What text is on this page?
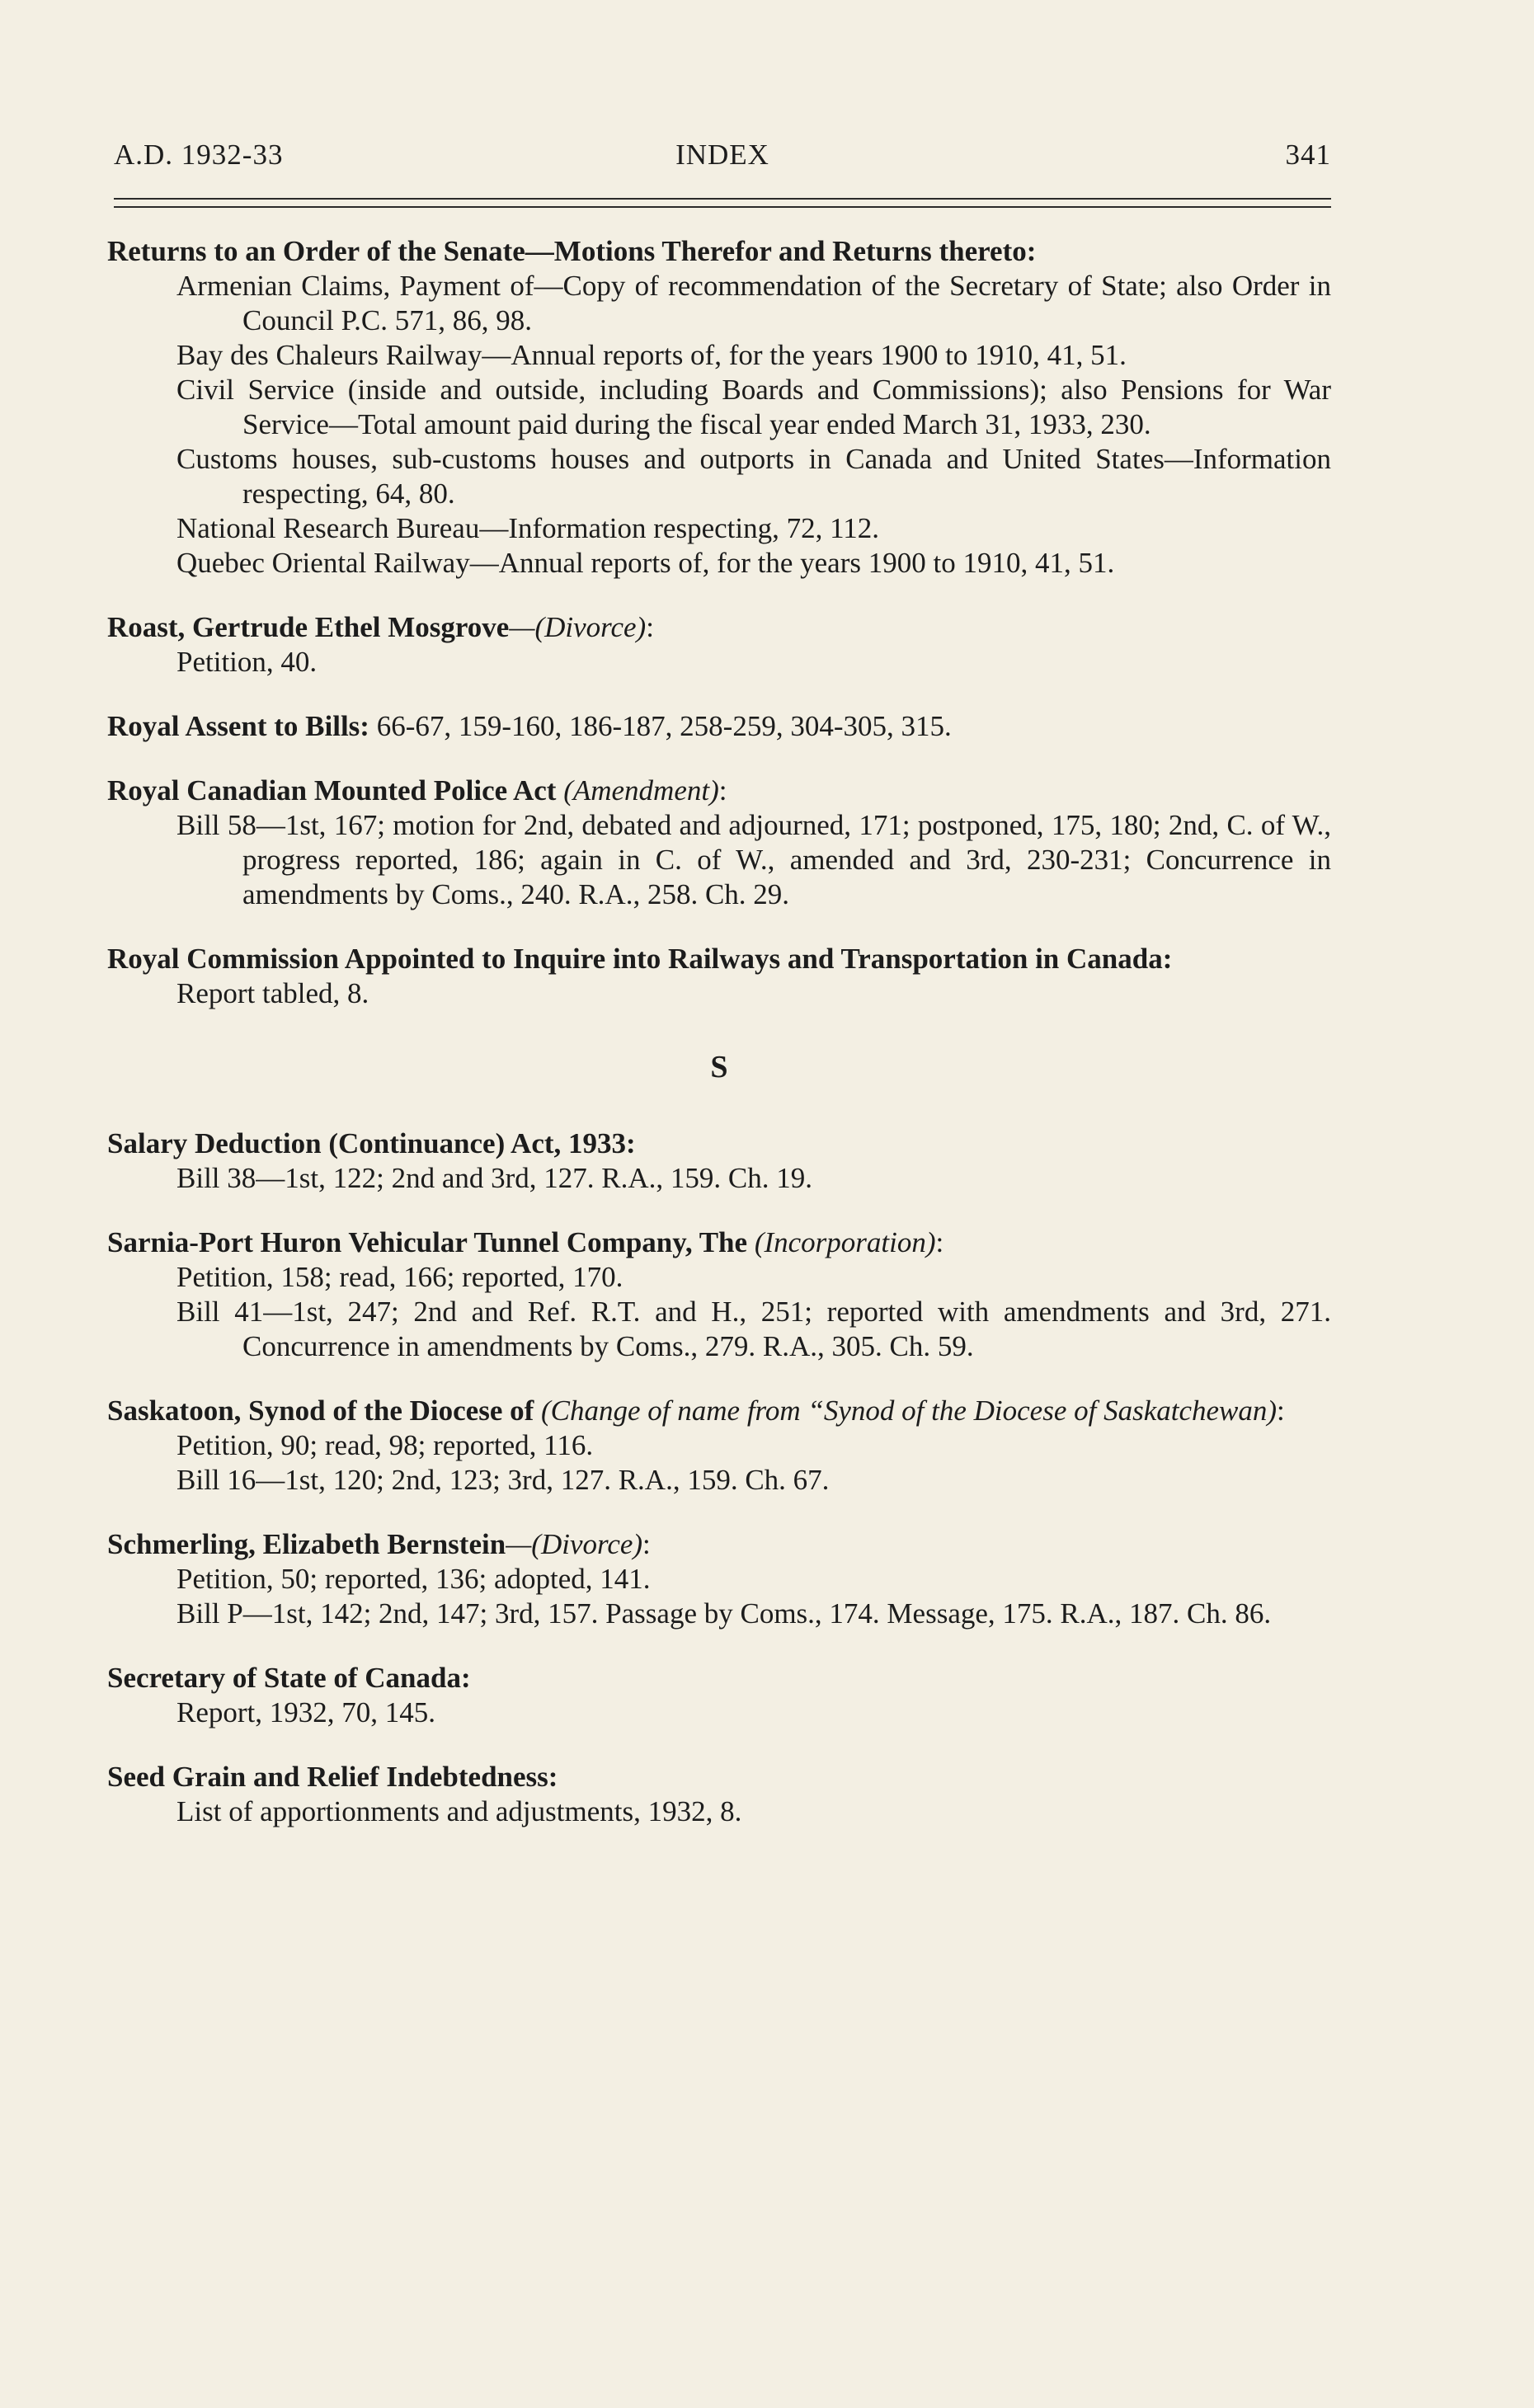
A.D. 1932-33	INDEX	341
Returns to an Order of the Senate—Motions Therefor and Returns thereto:
Armenian Claims, Payment of—Copy of recommendation of the Secretary of State; also Order in Council P.C. 571, 86, 98.
Bay des Chaleurs Railway—Annual reports of, for the years 1900 to 1910, 41, 51.
Civil Service (inside and outside, including Boards and Commissions); also Pensions for War Service—Total amount paid during the fiscal year ended March 31, 1933, 230.
Customs houses, sub-customs houses and outports in Canada and United States—Information respecting, 64, 80.
National Research Bureau—Information respecting, 72, 112.
Quebec Oriental Railway—Annual reports of, for the years 1900 to 1910, 41, 51.
Roast, Gertrude Ethel Mosgrove—(Divorce):
Petition, 40.
Royal Assent to Bills: 66-67, 159-160, 186-187, 258-259, 304-305, 315.
Royal Canadian Mounted Police Act (Amendment):
Bill 58—1st, 167; motion for 2nd, debated and adjourned, 171; postponed, 175, 180; 2nd, C. of W., progress reported, 186; again in C. of W., amended and 3rd, 230-231; Concurrence in amendments by Coms., 240. R.A., 258. Ch. 29.
Royal Commission Appointed to Inquire into Railways and Transportation in Canada:
Report tabled, 8.
S
Salary Deduction (Continuance) Act, 1933:
Bill 38—1st, 122; 2nd and 3rd, 127. R.A., 159. Ch. 19.
Sarnia-Port Huron Vehicular Tunnel Company, The (Incorporation):
Petition, 158; read, 166; reported, 170.
Bill 41—1st, 247; 2nd and Ref. R.T. and H., 251; reported with amendments and 3rd, 271. Concurrence in amendments by Coms., 279. R.A., 305. Ch. 59.
Saskatoon, Synod of the Diocese of (Change of name from “Synod of the Diocese of Saskatchewan):
Petition, 90; read, 98; reported, 116.
Bill 16—1st, 120; 2nd, 123; 3rd, 127. R.A., 159. Ch. 67.
Schmerling, Elizabeth Bernstein—(Divorce):
Petition, 50; reported, 136; adopted, 141.
Bill P—1st, 142; 2nd, 147; 3rd, 157. Passage by Coms., 174. Message, 175. R.A., 187. Ch. 86.
Secretary of State of Canada:
Report, 1932, 70, 145.
Seed Grain and Relief Indebtedness:
List of apportionments and adjustments, 1932, 8.
